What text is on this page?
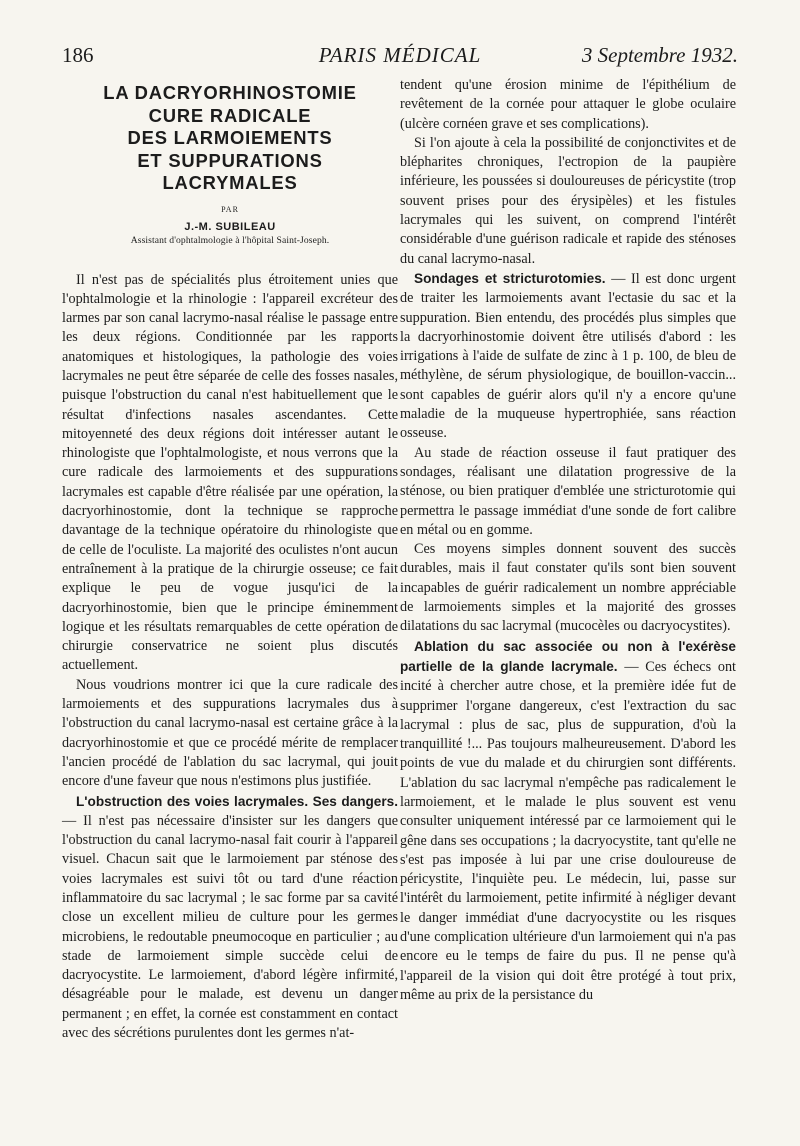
186	PARIS MÉDICAL	3 Septembre 1932.
LA DACRYORHINOSTOMIE
CURE RADICALE
DES LARMOIEMENTS
ET SUPPURATIONS
LACRYMALES
PAR
J.-M. SUBILEAU
Assistant d'ophtalmologie à l'hôpital Saint-Joseph.

Il n'est pas de spécialités plus étroitement unies que l'ophtalmologie et la rhinologie : l'appareil excréteur des larmes par son canal lacrymo-nasal réalise le passage entre les deux régions. Conditionnée par les rapports anatomiques et histologiques, la pathologie des voies lacrymales ne peut être séparée de celle des fosses nasales, puisque l'obstruction du canal n'est habituellement que le résultat d'infections nasales ascendantes. Cette mitoyenneté des deux régions doit intéresser autant le rhinologiste que l'ophtalmologiste, et nous verrons que la cure radicale des larmoiements et des suppurations lacrymales est capable d'être réalisée par une opération, la dacryorhinostomie, dont la technique se rapproche davantage de la technique opératoire du rhinologiste que de celle de l'oculiste. La majorité des oculistes n'ont aucun entraînement à la pratique de la chirurgie osseuse; ce fait explique le peu de vogue jusqu'ici de la dacryorhinostomie, bien que le principe éminemment logique et les résultats remarquables de cette opération de chirurgie conservatrice ne soient plus discutés actuellement.

Nous voudrions montrer ici que la cure radicale des larmoiements et des suppurations lacrymales dus à l'obstruction du canal lacrymo-nasal est certaine grâce à la dacryorhinostomie et que ce procédé mérite de remplacer l'ancien procédé de l'ablation du sac lacrymal, qui jouit encore d'une faveur que nous n'estimons plus justifiée.

L'obstruction des voies lacrymales. Ses dangers. — Il n'est pas nécessaire d'insister sur les dangers que l'obstruction du canal lacrymo-nasal fait courir à l'appareil visuel. Chacun sait que le larmoiement par sténose des voies lacrymales est suivi tôt ou tard d'une réaction inflammatoire du sac lacrymal ; le sac forme par sa cavité close un excellent milieu de culture pour les germes microbiens, le redoutable pneumocoque en particulier ; au stade de larmoiement simple succède celui de dacryocystite. Le larmoiement, d'abord légère infirmité, désagréable pour le malade, est devenu un danger permanent ; en effet, la cornée est constamment en contact avec des sécrétions purulentes dont les germes n'at-

tendent qu'une érosion minime de l'épithélium de revêtement de la cornée pour attaquer le globe oculaire (ulcère cornéen grave et ses complications).

Si l'on ajoute à cela la possibilité de conjonctivites et de blépharites chroniques, l'ectropion de la paupière inférieure, les poussées si douloureuses de péricystite (trop souvent prises pour des érysipèles) et les fistules lacrymales qui les suivent, on comprend l'intérêt considérable d'une guérison radicale et rapide des sténoses du canal lacrymo-nasal.

Sondages et stricturotomies. — Il est donc urgent de traiter les larmoiements avant l'ectasie du sac et la suppuration. Bien entendu, des procédés plus simples que la dacryorhinostomie doivent être utilisés d'abord : les irrigations à l'aide de sulfate de zinc à 1 p. 100, de bleu de méthylène, de sérum physiologique, de bouillon-vaccin... sont capables de guérir alors qu'il n'y a encore qu'une maladie de la muqueuse hypertrophiée, sans réaction osseuse.

Au stade de réaction osseuse il faut pratiquer des sondages, réalisant une dilatation progressive de la sténose, ou bien pratiquer d'emblée une stricturotomie qui permettra le passage immédiat d'une sonde de fort calibre en métal ou en gomme.

Ces moyens simples donnent souvent des succès durables, mais il faut constater qu'ils sont bien souvent incapables de guérir radicalement un nombre appréciable de larmoiements simples et la majorité des grosses dilatations du sac lacrymal (mucocèles ou dacryocystites).

Ablation du sac associée ou non à l'exérèse partielle de la glande lacrymale. — Ces échecs ont incité à chercher autre chose, et la première idée fut de supprimer l'organe dangereux, c'est l'extraction du sac lacrymal : plus de sac, plus de suppuration, d'où la tranquillité !... Pas toujours malheureusement. D'abord les points de vue du malade et du chirurgien sont différents. L'ablation du sac lacrymal n'empêche pas radicalement le larmoiement, et le malade le plus souvent est venu consulter uniquement intéressé par ce larmoiement qui le gêne dans ses occupations ; la dacryocystite, tant qu'elle ne s'est pas imposée à lui par une crise douloureuse de péricystite, l'inquiète peu. Le médecin, lui, passe sur l'intérêt du larmoiement, petite infirmité à négliger devant le danger immédiat d'une dacryocystite ou les risques d'une complication ultérieure d'un larmoiement qui n'a pas encore eu le temps de faire du pus. Il ne pense qu'à l'appareil de la vision qui doit être protégé à tout prix, même au prix de la persistance du
